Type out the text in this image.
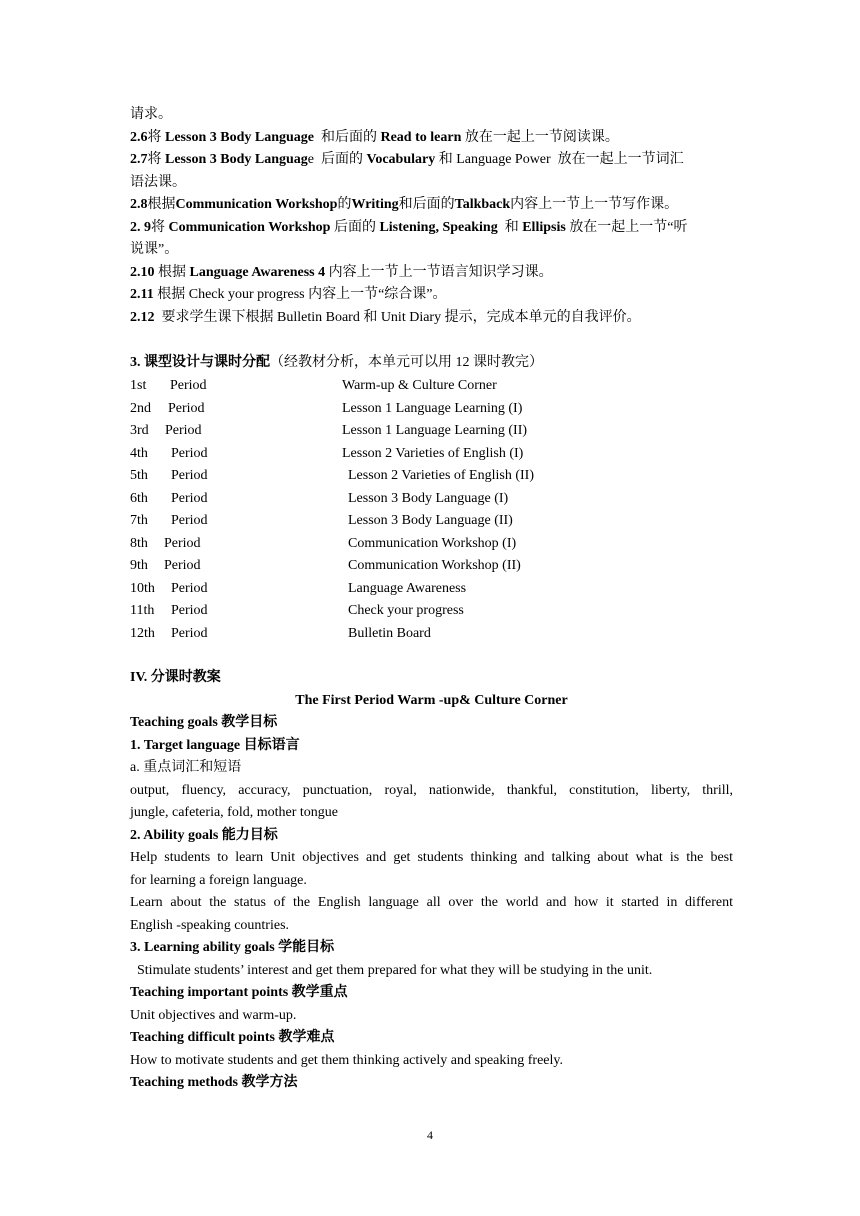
请求。
2.6将 Lesson 3 Body Language  和后面的 Read to learn 放在一起上一节阅读课。
2.7将 Lesson 3 Body Language  后面的 Vocabulary 和 Language Power  放在一起上一节词汇
语法课。
2.8根据Communication Workshop的Writing和后面的Talkback内容上一节上一节写作课。
2. 9将 Communication Workshop 后面的 Listening, Speaking  和 Ellipsis 放在一起上一节“听
说课”。
2.10 根据 Language Awareness 4 内容上一节上一节语言知识学习课。
2.11 根据 Check your progress 内容上一节“综合课”。
2.12  要求学生课下根据 Bulletin Board 和 Unit Diary 提示，完成本单元的自我评价。
3. 课型设计与课时分配（经教材分析，本单元可以用 12 课时教完）
1st Period	Warm-up & Culture Corner
2nd Period	Lesson 1 Language Learning (I)
3rd Period	Lesson 1 Language Learning (II)
4th Period	Lesson 2 Varieties of English (I)
5th Period	Lesson 2 Varieties of English (II)
6th Period	Lesson 3 Body Language (I)
7th Period	Lesson 3 Body Language (II)
8th Period	Communication Workshop (I)
9th Period	Communication Workshop (II)
10th Period	Language Awareness
11th Period	Check your progress
12th Period	Bulletin Board
IV. 分课时教案
The First Period Warm -up& Culture Corner
Teaching goals 教学目标
1. Target language 目标语言
a. 重点词汇和短语
output, fluency, accuracy, punctuation, royal, nationwide, thankful, constitution, liberty, thrill,
jungle, cafeteria, fold, mother tongue
2. Ability goals 能力目标
Help students to learn Unit objectives and get students thinking and talking about what is the best
for learning a foreign language.
Learn about the status of the English language all over the world and how it started in different
English -speaking countries.
3. Learning ability goals 学能目标
Stimulate students’ interest and get them prepared for what they will be studying in the unit.
Teaching important points 教学重点
Unit objectives and warm-up.
Teaching difficult points 教学难点
How to motivate students and get them thinking actively and speaking freely.
Teaching methods 教学方法
4
